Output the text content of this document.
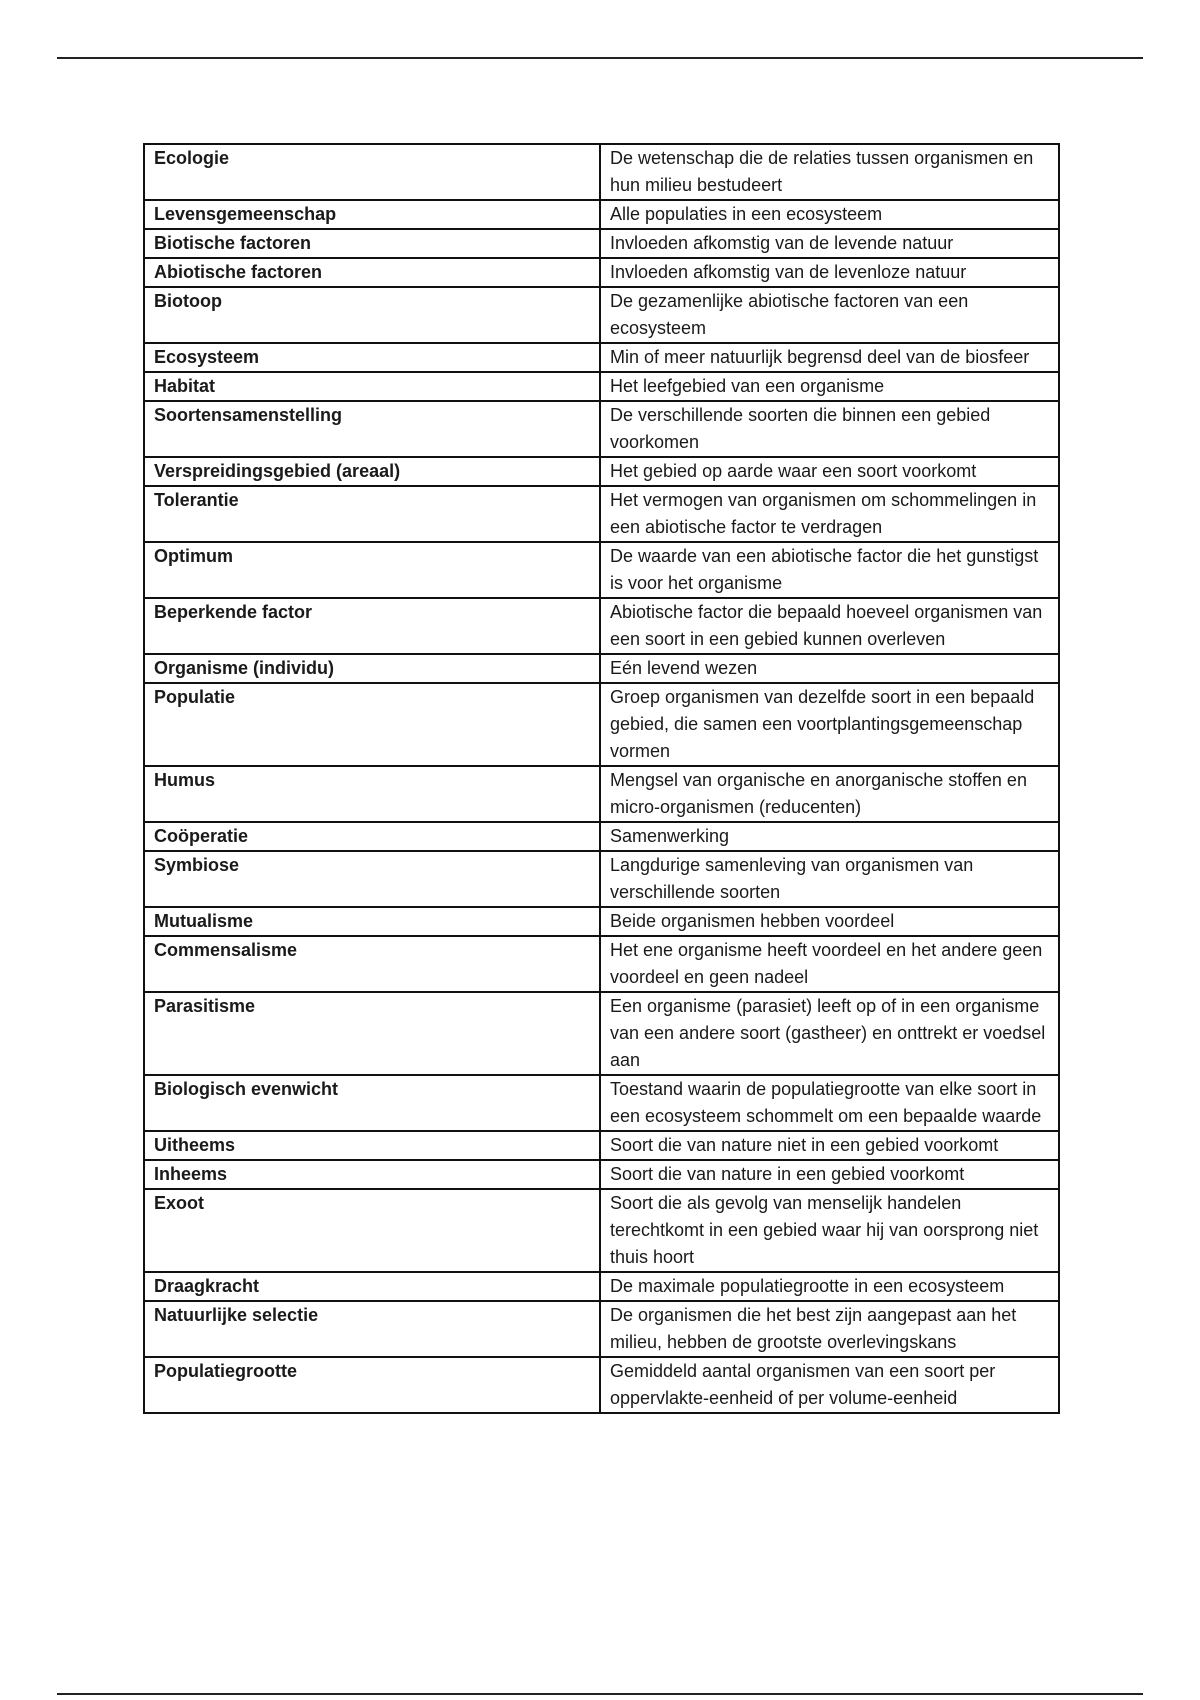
Ecologie	De wetenschap die de relaties tussen organismen en hun milieu bestudeert
Levensgemeenschap	Alle populaties in een ecosysteem
Biotische factoren	Invloeden afkomstig van de levende natuur
Abiotische factoren	Invloeden afkomstig van de levenloze natuur
Biotoop	De gezamenlijke abiotische factoren van een ecosysteem
Ecosysteem	Min of meer natuurlijk begrensd deel van de biosfeer
Habitat	Het leefgebied van een organisme
Soortensamenstelling	De verschillende soorten die binnen een gebied voorkomen
Verspreidingsgebied (areaal)	Het gebied op aarde waar een soort voorkomt
Tolerantie	Het vermogen van organismen om schommelingen in een abiotische factor te verdragen
Optimum	De waarde van een abiotische factor die het gunstigst is voor het organisme
Beperkende factor	Abiotische factor die bepaald hoeveel organismen van een soort in een gebied kunnen overleven
Organisme (individu)	Eén levend wezen
Populatie	Groep organismen van dezelfde soort in een bepaald gebied, die samen een voortplantingsgemeenschap vormen
Humus	Mengsel van organische en anorganische stoffen en micro-organismen (reducenten)
Coöperatie	Samenwerking
Symbiose	Langdurige samenleving van organismen van verschillende soorten
Mutualisme	Beide organismen hebben voordeel
Commensalisme	Het ene organisme heeft voordeel en het andere geen voordeel en geen nadeel
Parasitisme	Een organisme (parasiet) leeft op of in een organisme van een andere soort (gastheer) en onttrekt er voedsel aan
Biologisch evenwicht	Toestand waarin de populatiegrootte van elke soort in een ecosysteem schommelt om een bepaalde waarde
Uitheems	Soort die van nature niet in een gebied voorkomt
Inheems	Soort die van nature in een gebied voorkomt
Exoot	Soort die als gevolg van menselijk handelen terechtkomt in een gebied waar hij van oorsprong niet thuis hoort
Draagkracht	De maximale populatiegrootte in een ecosysteem
Natuurlijke selectie	De organismen die het best zijn aangepast aan het milieu, hebben de grootste overlevingskans
Populatiegrootte	Gemiddeld aantal organismen van een soort per oppervlakte-eenheid of per volume-eenheid
